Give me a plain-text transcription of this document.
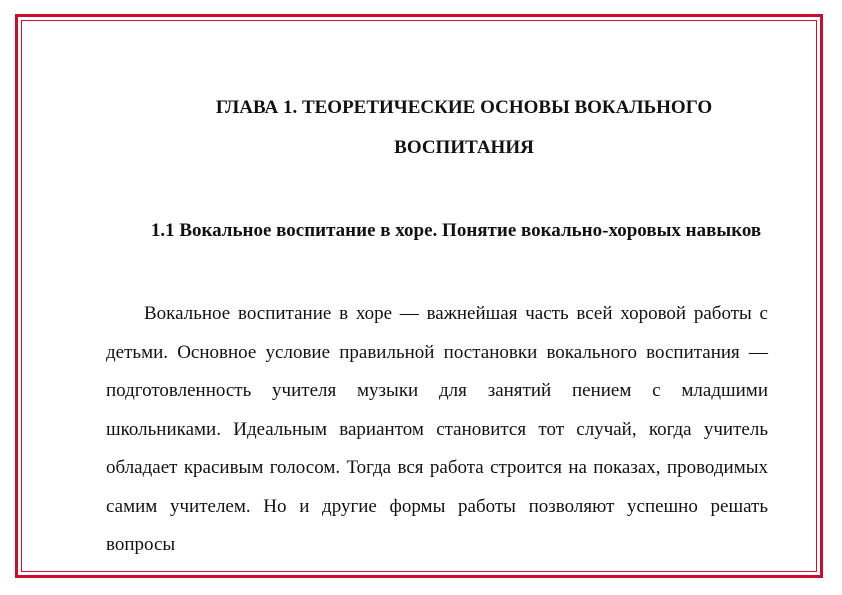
ГЛАВА 1. ТЕОРЕТИЧЕСКИЕ ОСНОВЫ ВОКАЛЬНОГО ВОСПИТАНИЯ
1.1 Вокальное воспитание в хоре. Понятие вокально-хоровых навыков

Вокальное воспитание в хоре — важнейшая часть всей хоровой работы с детьми. Основное условие правильной постановки вокального воспитания — подготовленность учителя музыки для занятий пением с младшими школьниками. Идеальным вариантом становится тот случай, когда учитель обладает красивым голосом. Тогда вся работа строится на показах, проводимых самим учителем. Но и другие формы работы позволяют успешно решать вопросы
